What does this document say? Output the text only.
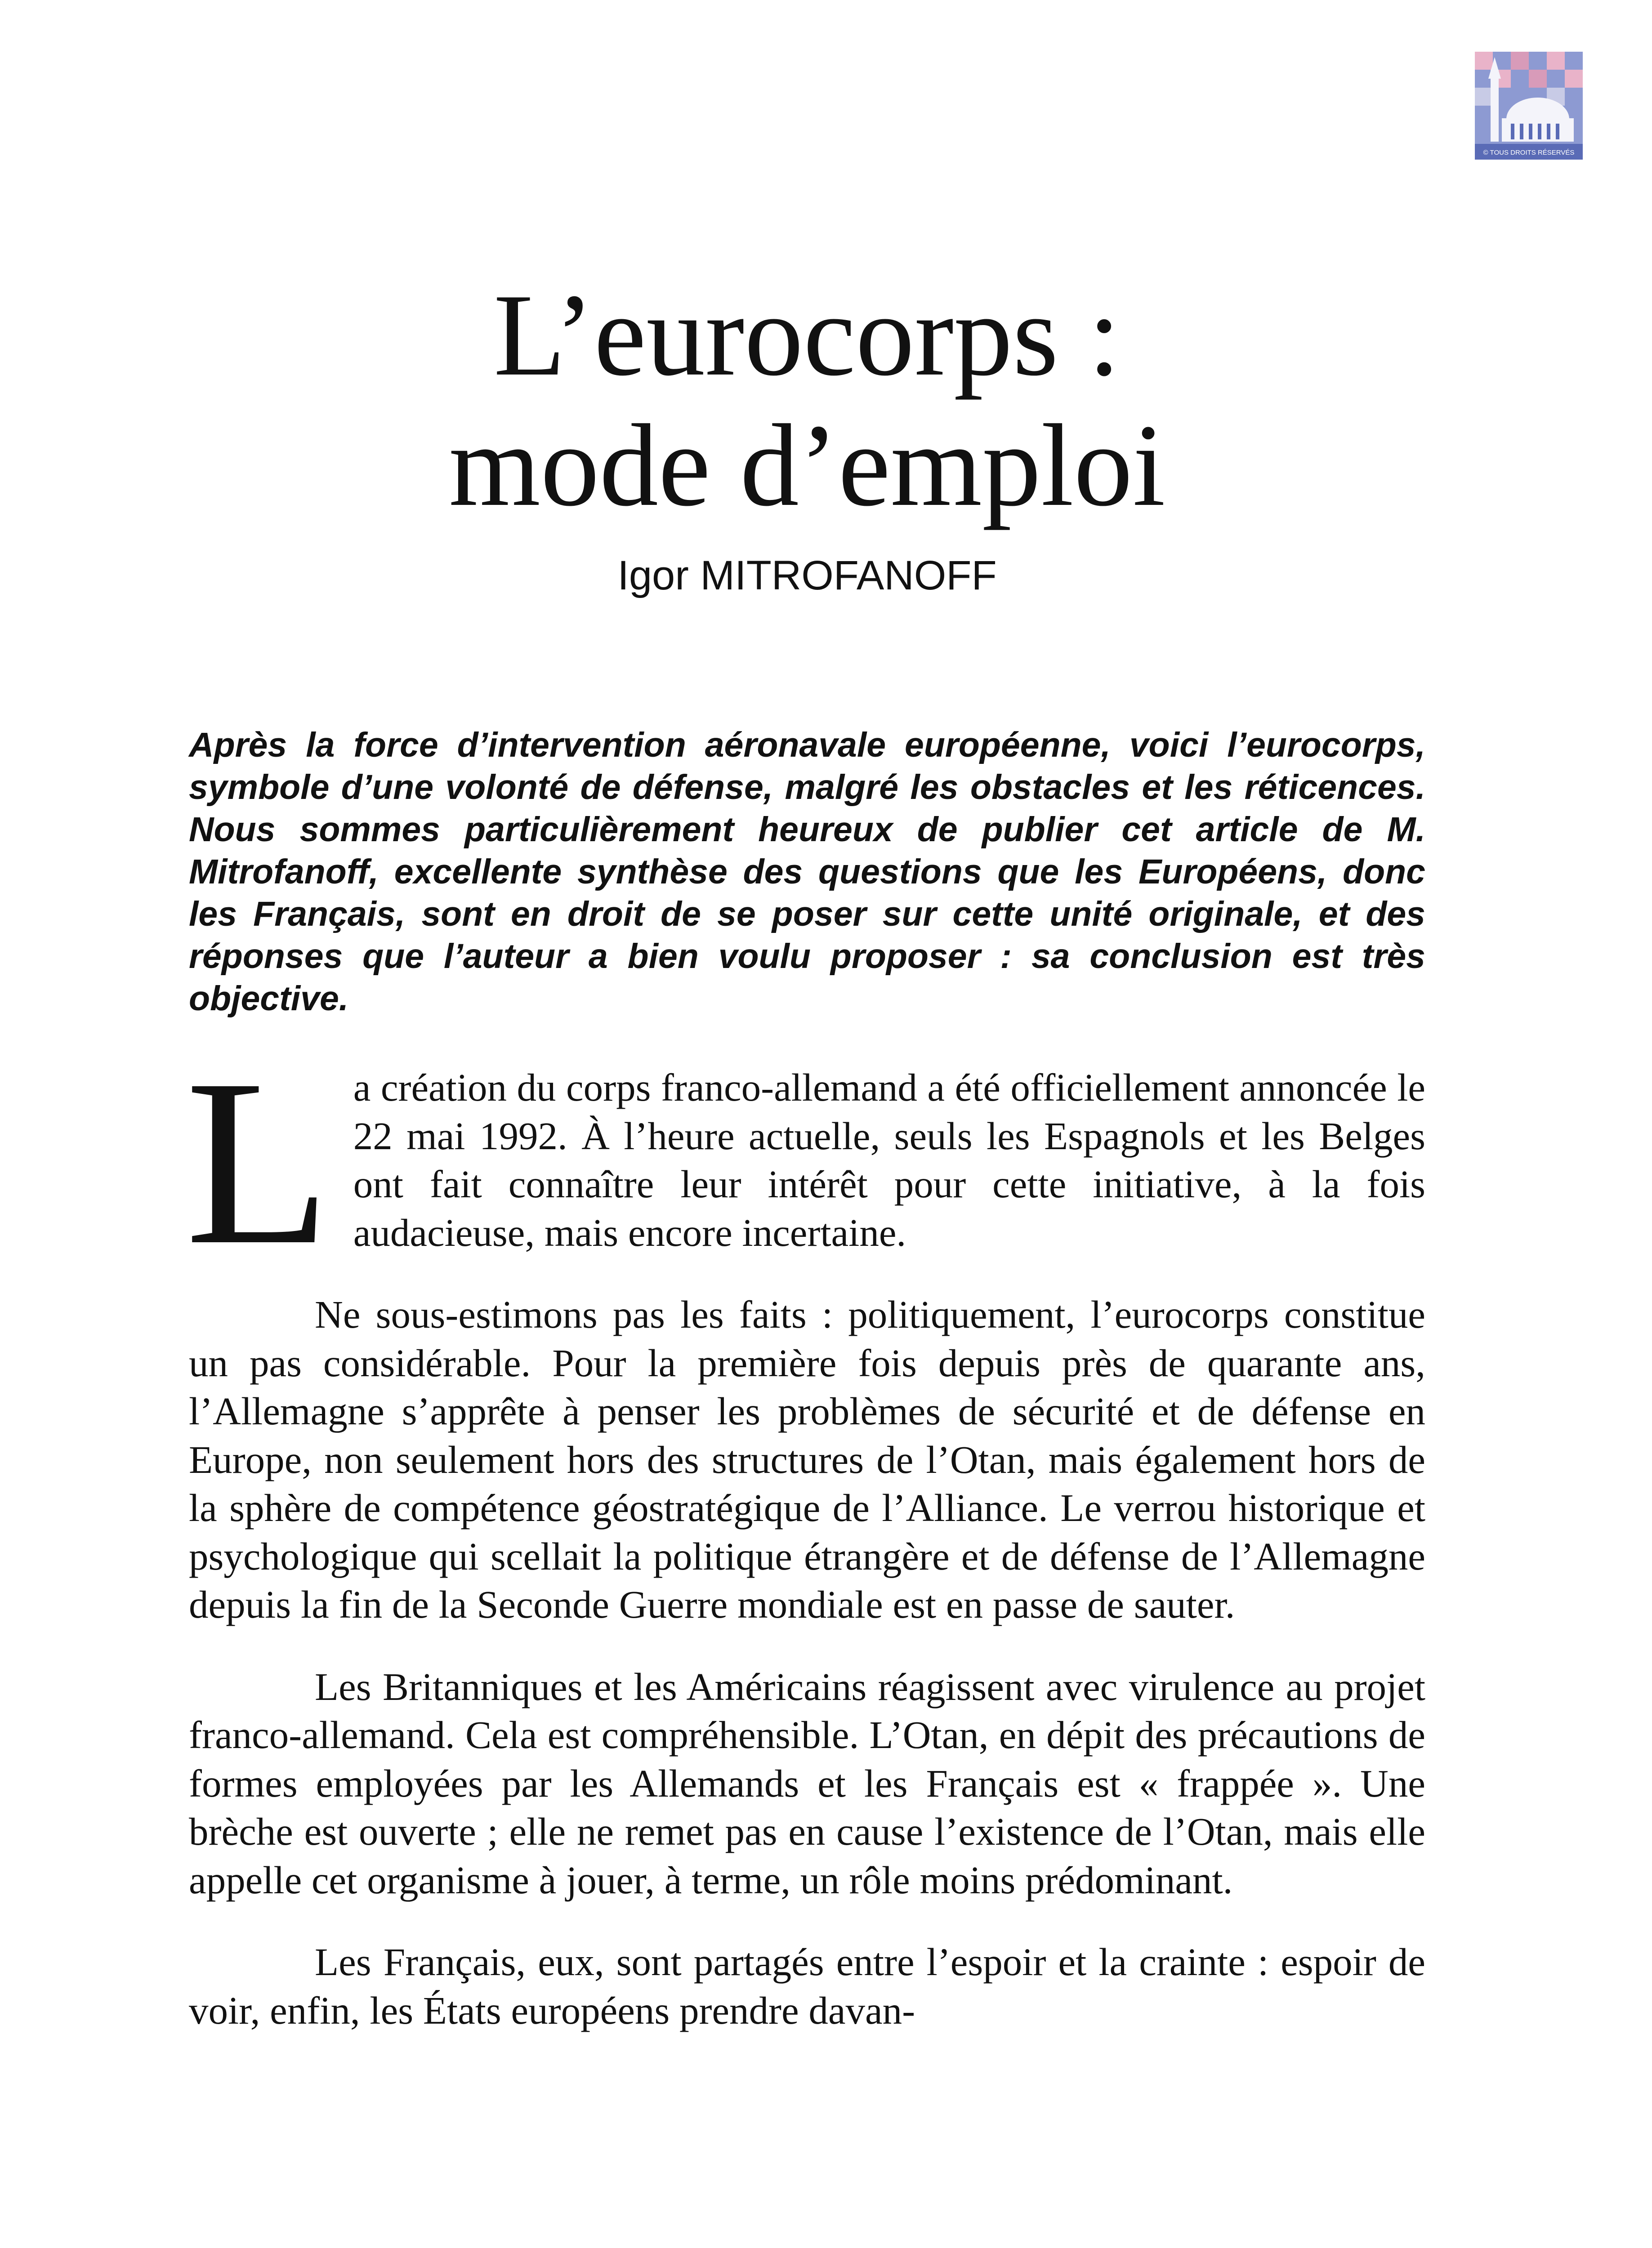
© TOUS DROITS RÉSERVÉS
L’eurocorps :
mode d’emploi
Igor MITROFANOFF

Après la force d’intervention aéronavale européenne, voici l’eurocorps, symbole d’une volonté de défense, malgré les obstacles et les réticences. Nous sommes particulièrement heureux de publier cet article de M. Mitrofanoff, excellente synthèse des questions que les Européens, donc les Français, sont en droit de se poser sur cette unité originale, et des réponses que l’auteur a bien voulu proposer : sa conclusion est très objective.

La création du corps franco-allemand a été officiellement annoncée le 22 mai 1992. À l’heure actuelle, seuls les Espagnols et les Belges ont fait connaître leur intérêt pour cette initiative, à la fois audacieuse, mais encore incertaine.

Ne sous-estimons pas les faits : politiquement, l’eurocorps constitue un pas considérable. Pour la première fois depuis près de quarante ans, l’Allemagne s’apprête à penser les problèmes de sécurité et de défense en Europe, non seulement hors des structures de l’Otan, mais également hors de la sphère de compétence géostratégique de l’Alliance. Le verrou historique et psychologique qui scellait la politique étrangère et de défense de l’Allemagne depuis la fin de la Seconde Guerre mondiale est en passe de sauter.

Les Britanniques et les Américains réagissent avec virulence au projet franco-allemand. Cela est compréhensible. L’Otan, en dépit des précautions de formes employées par les Allemands et les Français est « frappée ». Une brèche est ouverte ; elle ne remet pas en cause l’existence de l’Otan, mais elle appelle cet organisme à jouer, à terme, un rôle moins prédominant.

Les Français, eux, sont partagés entre l’espoir et la crainte : espoir de voir, enfin, les États européens prendre davan-
